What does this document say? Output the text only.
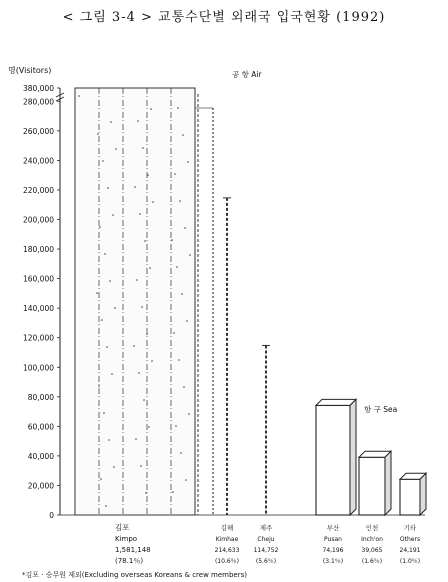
< 그림 3-4 > 교통수단별 외래국 입국현황 (1992)
명(Visitors)
0
20,000
40,000
60,000
80,000
100,000
120,000
140,000
160,000
180,000
200,000
220,000
240,000
260,000
280,000
380,000
김포
Kimpo
1,581,148
(78.1％)
김해
Kimhae
214,633
(10.6％)
제주
Cheju
114,752
(5.6％)
부산
Pusan
74,196
(3.1％)
인천
Inch'on
39,065
(1.6％)
기타
Others
24,191
(1.0％)
공 항 Air
항 구 Sea
*김포 · 승무원 제외(Excluding overseas Koreans & crew members)
